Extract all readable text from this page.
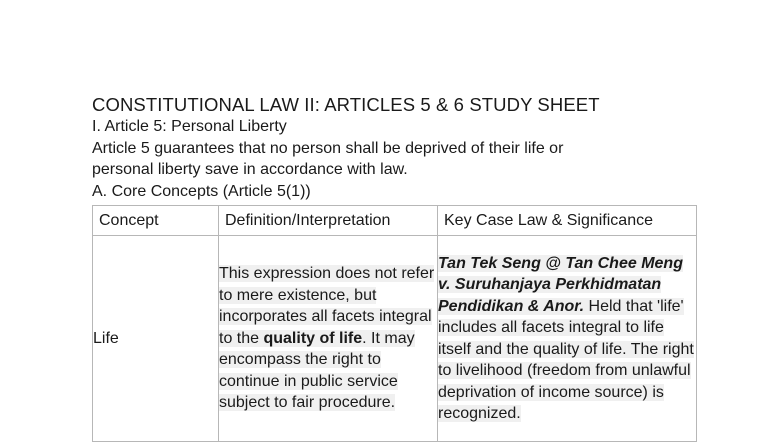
CONSTITUTIONAL LAW II: ARTICLES 5 & 6 STUDY SHEET
I. Article 5: Personal Liberty
Article 5 guarantees that no person shall be deprived of their life or
personal liberty save in accordance with law.
A. Core Concepts (Article 5(1))
Concept	Definition/Interpretation	Key Case Law & Significance

Life	This expression does not refer to mere existence, but incorporates all facets integral to the quality of life. It may encompass the right to continue in public service subject to fair procedure.	Tan Tek Seng @ Tan Chee Meng v. Suruhanjaya Perkhidmatan Pendidikan & Anor. Held that 'life' includes all facets integral to life itself and the quality of life. The right to livelihood (freedom from unlawful deprivation of income source) is recognized.
